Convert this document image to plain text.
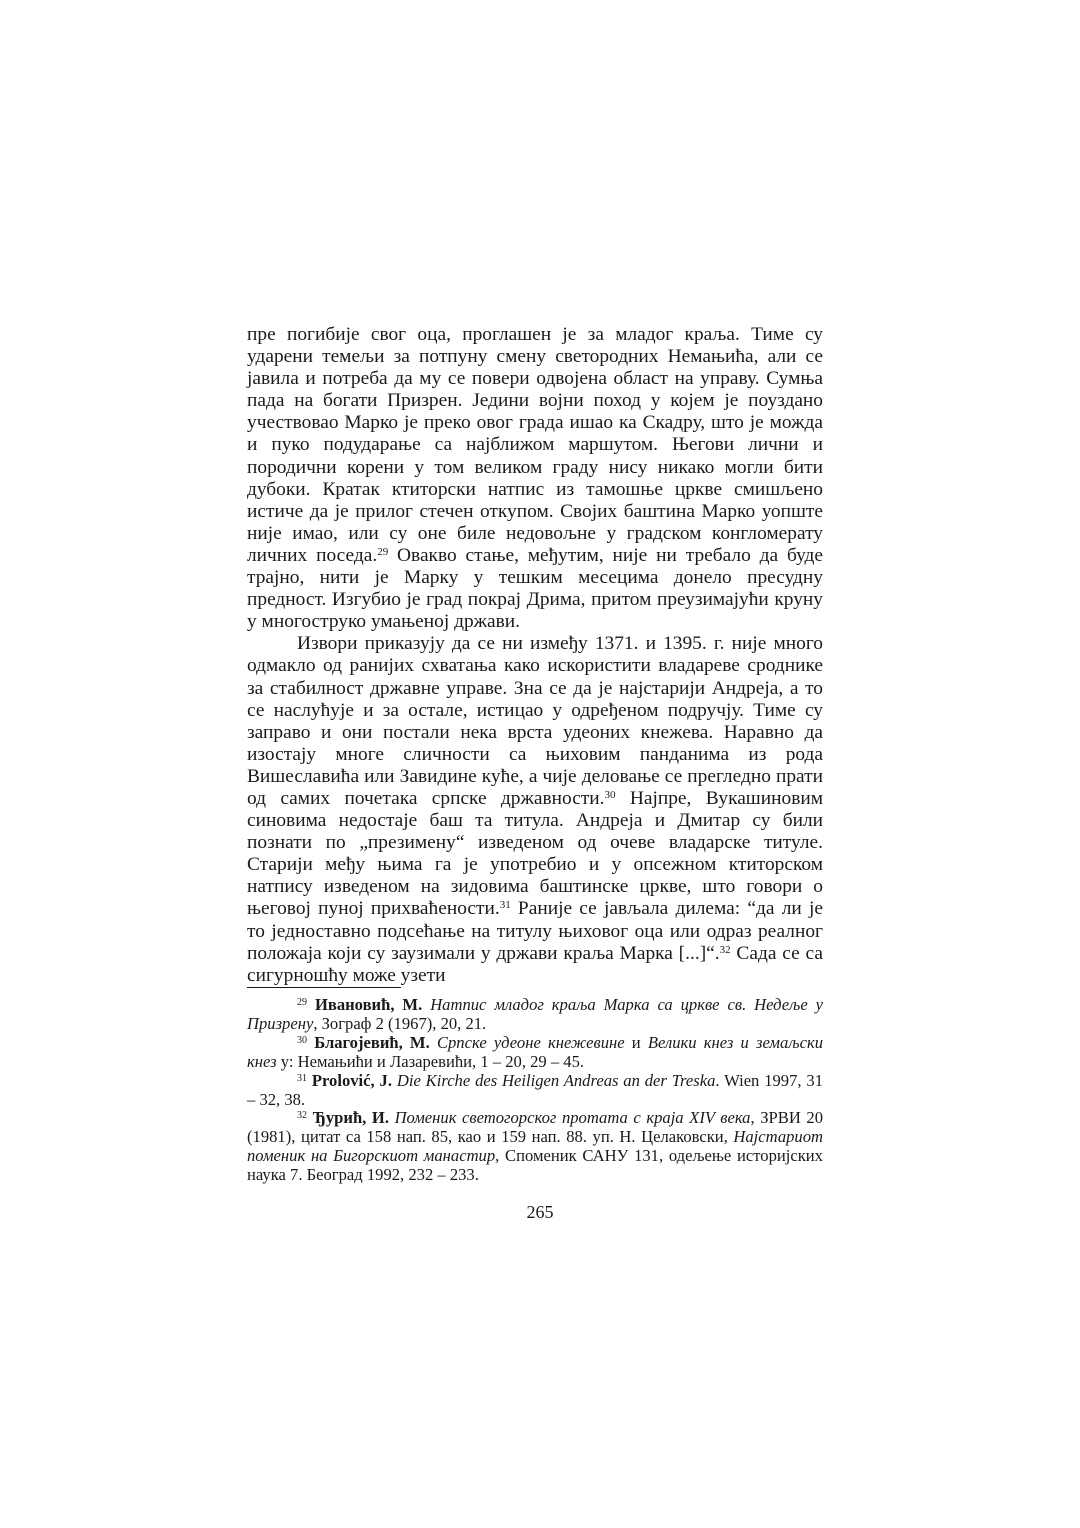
пре погибије свог оца, проглашен је за младог краља. Тиме су ударени темељи за потпуну смену светородних Немањића, али се јавила и потреба да му се повери одвојена област на управу. Сумња пада на богати Призрен. Једини војни поход у којем је поуздано учествовао Марко је преко овог града ишао ка Скадру, што је можда и пуко подударање са најближом маршутом. Његови лични и породични корени у том великом граду нису никако могли бити дубоки. Кратак ктиторски натпис из тамошње цркве смишљено истиче да је прилог стечен откупом. Својих баштина Марко уопште није имао, или су оне биле недовољне у градском конгломерату личних поседа.$^{29}$ Овакво стање, међутим, није ни требало да буде трајно, нити је Марку у тешким месецима донело пресудну предност. Изгубио је град покрај Дрима, притом преузимајући круну у многоструко умањеној држави.

Извори приказују да се ни између 1371. и 1395. г. није много одмакло од ранијих схватања како искористити владареве сроднике за стабилност државне управе. Зна се да је најстарији Андреја, а то се наслућује и за остале, истицао у одређеном подручју. Тиме су заправо и они постали нека врста удеоних кнежева. Наравно да изостају многе сличности са њиховим панданима из рода Вишеславића или Завидине куће, а чије деловање се прегледно прати од самих почетака српске државности.$^{30}$ Најпре, Вукашиновим синовима недостаје баш та титула. Андреја и Дмитар су били познати по „презимену“ изведеном од очеве владарске титуле. Старији међу њима га је употребио и у опсежном ктиторском натпису изведеном на зидовима баштинске цркве, што говори о његовој пуној прихваћености.$^{31}$ Раније се јављала дилема: “да ли је то једноставно подсећање на титулу њиховог оца или одраз реалног положаја који су заузимали у држави краља Марка [...]“.$^{32}$ Сада се са сигурношћу може узети

$^{29}$ Ивановић, М. Натпис младог краља Марка са цркве св. Недеље у Призрену, Зограф 2 (1967), 20, 21.

$^{30}$ Благојевић, М. Српске удеоне кнежевине и Велики кнез и земаљски кнез у: Немањићи и Лазаревићи, 1 – 20, 29 – 45.

$^{31}$ Prolović, J. Die Kirche des Heiligen Andreas an der Treska. Wien 1997, 31 – 32, 38.

$^{32}$ Ђурић, И. Поменик светогорског протата с краја XIV века, ЗРВИ 20 (1981), цитат са 158 нап. 85, као и 159 нап. 88. уп. Н. Целаковски, Најстариот поменик на Бигорскиот манастир, Споменик САНУ 131, одељење историјских наука 7. Београд 1992, 232 – 233.

265
